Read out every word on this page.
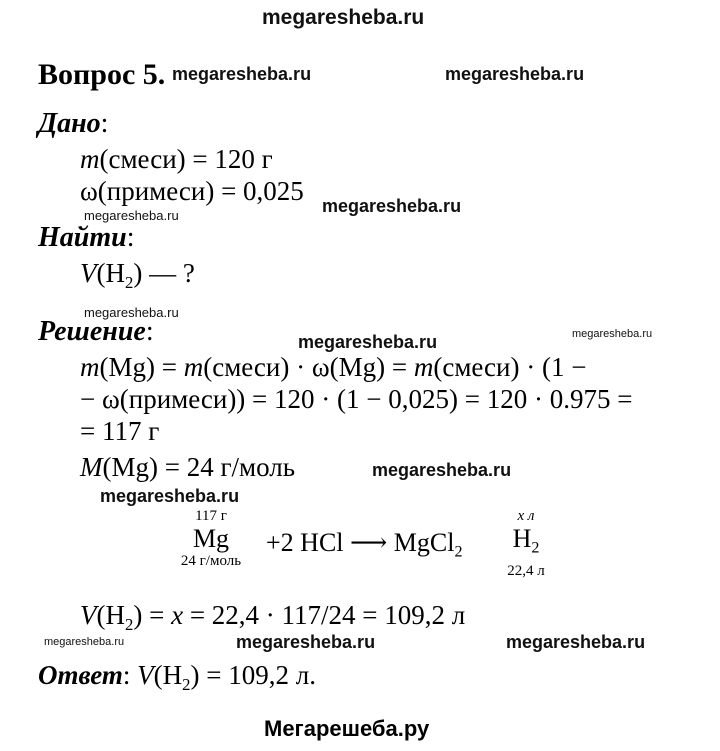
megaresheba.ru
Вопрос 5. megaresheba.ru	megaresheba.ru
Дано:
m(смеси) = 120 г
ω(примеси) = 0,025 megaresheba.ru
megaresheba.ru
Найти:
$V(H_2)$ — ?
megaresheba.ru
Решение:	megaresheba.ru	megaresheba.ru
m(Mg) = m(смеси) · ω(Mg) = m(смеси) · (1 −
− ω(примеси)) = 120 · (1 − 0,025) = 120 · 0.975 =
= 117 г
M(Mg) = 24 г/моль	megaresheba.ru
megaresheba.ru
117 г
Mg
24 г/моль
+2 HCl ⟶ MgCl$_2$
x л
$H_2$
22,4 л
$V(H_2) = x = 22,4 \cdot 117/24 = 109,2$ л
megaresheba.ru	megaresheba.ru	megaresheba.ru
Ответ: $V(H_2) = 109,2$ л.
Мегарешеба.ру
